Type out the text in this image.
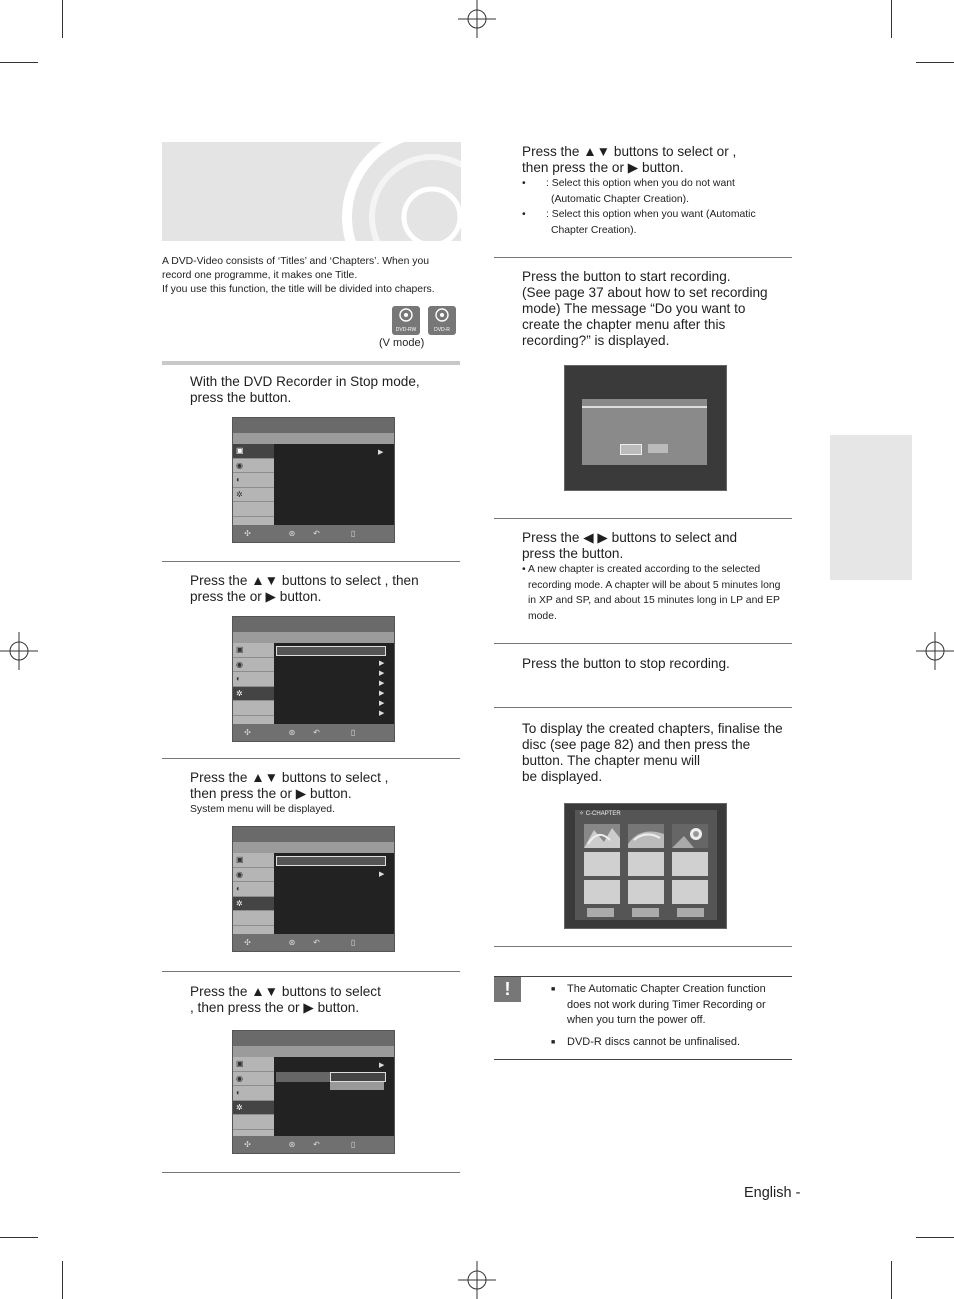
A DVD-Video consists of ‘Titles’ and ‘Chapters’. When you
record one programme, it makes one Title.
If you use this function, the title will be divided into chapers.
DVD-RW	DVD-R
(V mode)
With the DVD Recorder in Stop mode,
press the button.
▣
◉
◐
✲
▶
✣                 ⊛        ↶              ▯
Press the ▲▼ buttons to select , then
press the or ▶ button.
▣
◉
◐
✲
▶
▶
▶
▶
▶
▶
✣                 ⊛        ↶              ▯
Press the ▲▼ buttons to select ,
then press the or ▶ button.
System menu will be displayed.
▣
◉
◐
✲
▶
✣                 ⊛        ↶              ▯
Press the ▲▼ buttons to select
, then press the or ▶ button.
▣
◉
◐
✲
▶
✣                 ⊛        ↶              ▯
Press the ▲▼ buttons to select or ,
then press the or ▶ button.
• : Select this option when you do not want
(Automatic Chapter Creation).
• : Select this option when you want (Automatic
Chapter Creation).
Press the button to start recording.
(See page 37 about how to set recording
mode) The message “Do you want to
create the chapter menu after this
recording?” is displayed.
Press the ◀ ▶ buttons to select and
press the button.
• A new chapter is created according to the selected
recording mode. A chapter will be about 5 minutes long
in XP and SP, and about 15 minutes long in LP and EP
mode.
Press the button to stop recording.
To display the created chapters, finalise the
disc (see page 82) and then press the
button. The chapter menu will
be displayed.
✧ C-CHAPTER
!	■ The Automatic Chapter Creation function
does not work during Timer Recording or
when you turn the power off.
■	DVD-R discs cannot be unfinalised.
English -
